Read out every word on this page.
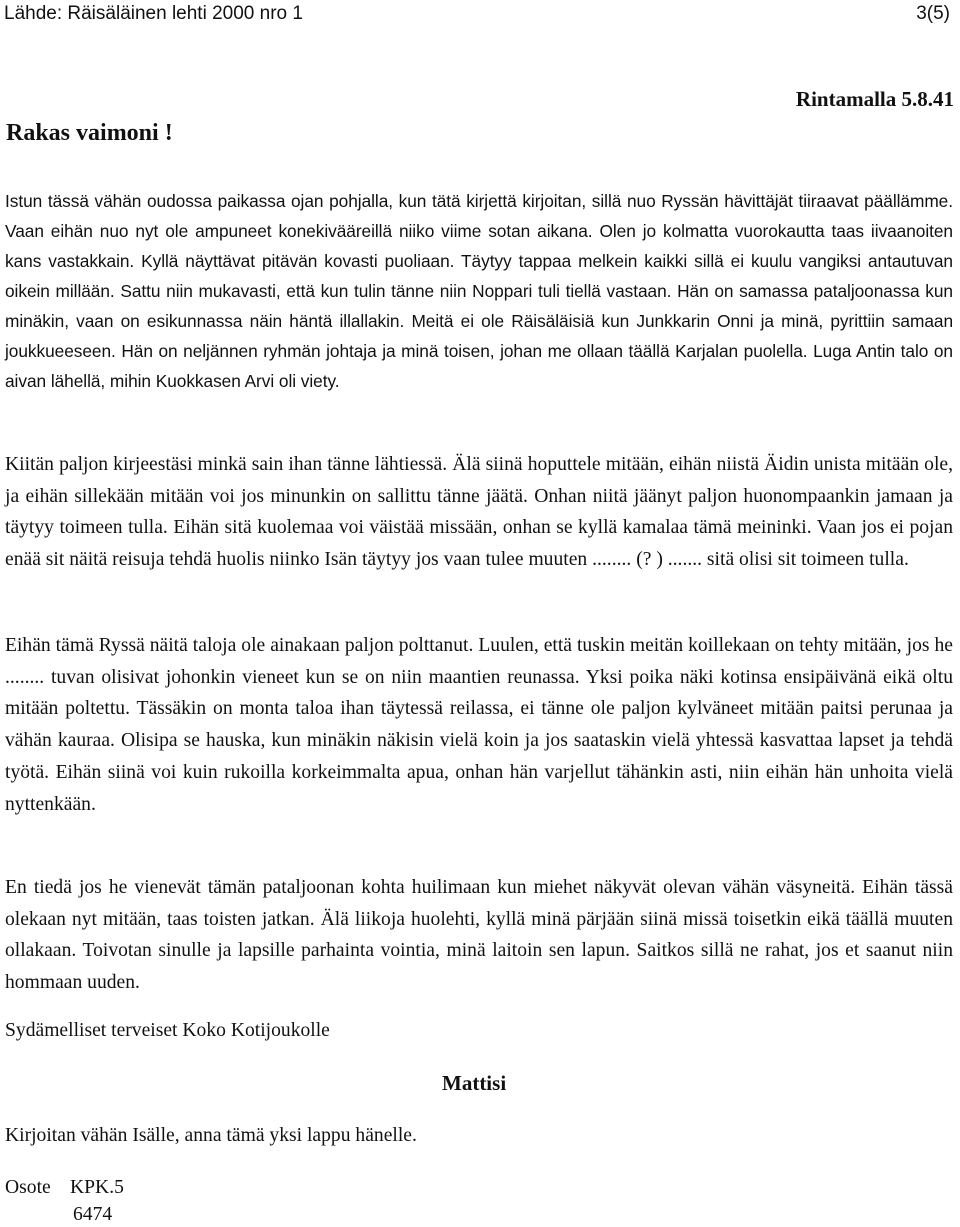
Lähde: Räisäläinen lehti 2000 nro 1	3(5)
Rintamalla 5.8.41
Rakas vaimoni !

Istun tässä vähän oudossa paikassa ojan pohjalla, kun tätä kirjettä kirjoitan, sillä nuo Ryssän hävittäjät tiiraavat päällämme. Vaan eihän nuo nyt ole ampuneet konekivääreillä niiko viime sotan aikana. Olen jo kolmatta vuorokautta taas iivaanoiten kans vastakkain. Kyllä näyttävat pitävän kovasti puoliaan. Täytyy tappaa melkein kaikki sillä ei kuulu vangiksi antautuvan oikein millään. Sattu niin mukavasti, että kun tulin tänne niin Noppari tuli tiellä vastaan. Hän on samassa pataljoonassa kun minäkin, vaan on esikunnassa näin häntä illallakin. Meitä ei ole Räisäläisiä kun Junkkarin Onni ja minä, pyrittiin samaan joukkueeseen. Hän on neljännen ryhmän johtaja ja minä toisen, johan me ollaan täällä Karjalan puolella. Luga Antin talo on aivan lähellä, mihin Kuokkasen Arvi oli viety.

Kiitän paljon kirjeestäsi minkä sain ihan tänne lähtiessä. Älä siinä hoputtele mitään, eihän niistä Äidin unista mitään ole, ja eihän sillekään mitään voi jos minunkin on sallittu tänne jäätä. Onhan niitä jäänyt paljon huonompaankin jamaan ja täytyy toimeen tulla. Eihän sitä kuolemaa voi väistää missään, onhan se kyllä kamalaa tämä meininki. Vaan jos ei pojan enää sit näitä reisuja tehdä huolis niinko Isän täytyy jos vaan tulee muuten ........ (? ) ....... sitä olisi sit toimeen tulla.

Eihän tämä Ryssä näitä taloja ole ainakaan paljon polttanut. Luulen, että tuskin meitän koillekaan on tehty mitään, jos he ........ tuvan olisivat johonkin vieneet kun se on niin maantien reunassa. Yksi poika näki kotinsa ensipäivänä eikä oltu mitään poltettu. Tässäkin on monta taloa ihan täytessä reilassa, ei tänne ole paljon kylväneet mitään paitsi perunaa ja vähän kauraa. Olisipa se hauska, kun minäkin näkisin vielä koin ja jos saataskin vielä yhtessä kasvattaa lapset ja tehdä työtä. Eihän siinä voi kuin rukoilla korkeimmalta apua, onhan hän varjellut tähänkin asti, niin eihän hän unhoita vielä nyttenkään.

En tiedä jos he vienevät tämän pataljoonan kohta huilimaan kun miehet näkyvät olevan vähän väsyneitä. Eihän tässä olekaan nyt mitään, taas toisten jatkan. Älä liikoja huolehti, kyllä minä pärjään siinä missä toisetkin eikä täällä muuten ollakaan. Toivotan sinulle ja lapsille parhainta vointia, minä laitoin sen lapun. Saitkos sillä ne rahat, jos et saanut niin hommaan uuden.

Sydämelliset terveiset Koko Kotijoukolle
Mattisi
Kirjoitan vähän Isälle, anna tämä yksi lappu hänelle.
Osote KPK.5
6474
